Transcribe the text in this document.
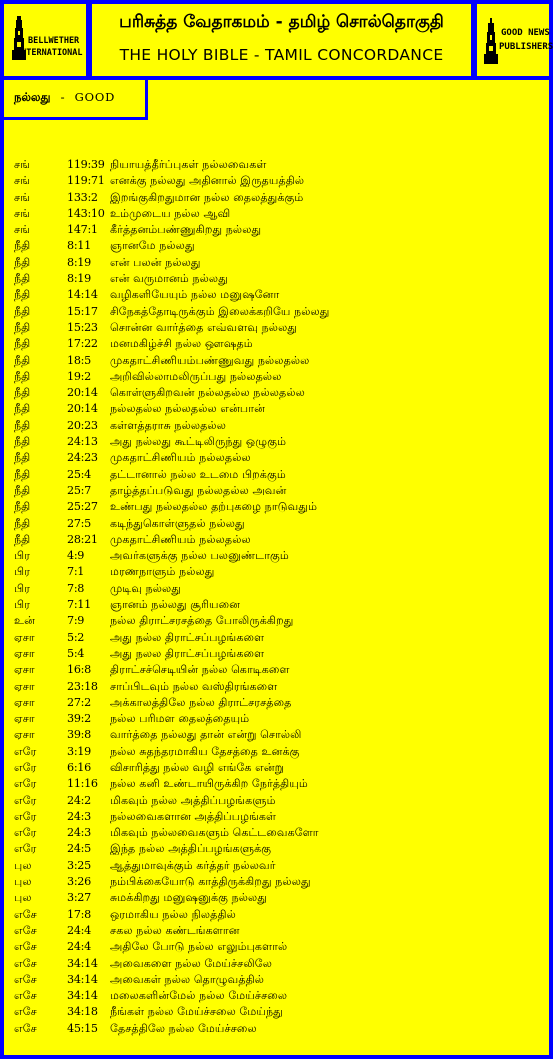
BELLWETHER
INTERNATIONAL
பரிசுத்த வேதாகமம் - தமிழ் சொல்தொகுதி
THE HOLY BIBLE - TAMIL CONCORDANCE
GOOD NEWS
PUBLISHERS
நல்லது - GOOD
சங்	119:39 நியாயத்தீர்ப்புகள் நல்லவைகள்
சங்	119:71 எனக்கு நல்லது அதினால் இருதயத்தில்
சங்	133:2 இறங்குகிறதுமான நல்ல தைலத்துக்கும்
சங்	143:10 உம்முடைய நல்ல ஆவி
சங்	147:1 கீர்த்தனம்பண்ணுகிறது நல்லது
நீதி	8:11 ஞானமே நல்லது
நீதி	8:19 என் பலன் நல்லது
நீதி	8:19 என் வருமானம் நல்லது
நீதி	14:14 வழிகளியேயும் நல்ல மனுஷனோ
நீதி	15:17 சிநேகத்தோடிருக்கும் இலைக்கறியே நல்லது
நீதி	15:23 சொன்ன வார்த்தை எவ்வளவு நல்லது
நீதி	17:22 மனமகிழ்ச்சி நல்ல ஔஷதம்
நீதி	18:5 முகதாட்சிணியம்பண்ணுவது நல்லதல்ல
நீதி	19:2 அறிவில்லாமலிருப்பது நல்லதல்ல
நீதி	20:14 கொள்ளுகிறவன் நல்லதல்ல நல்லதல்ல
நீதி	20:14 நல்லதல்ல நல்லதல்ல என்பான்
நீதி	20:23 கள்ளத்தராசு நல்லதல்ல
நீதி	24:13 அது நல்லது கூட்டிலிருந்து ஒழுகும்
நீதி	24:23 முகதாட்சிணியம் நல்லதல்ல
நீதி	25:4 தட்டானால் நல்ல உடமை பிறக்கும்
நீதி	25:7 தாழ்த்தப்படுவது நல்லதல்ல அவன்
நீதி	25:27 உண்பது நல்லதல்ல தற்புகழை நாடுவதும்
நீதி	27:5 கடிந்துகொள்ளுதல் நல்லது
நீதி	28:21 முகதாட்சிணியம் நல்லதல்ல
பிர	4:9 அவர்களுக்கு நல்ல பலனுண்டாகும்
பிர	7:1 மரணநாளும் நல்லது
பிர	7:8 முடிவு நல்லது
பிர	7:11 ஞானம் நல்லது சூரியனை
உன்	7:9 நல்ல திராட்சரசத்தை போலிருக்கிறது
ஏசா	5:2 அது நல்ல திராட்சப்பழங்களை
ஏசா	5:4 அது நலல திராட்சப்பழங்களை
ஏசா	16:8 திராட்சச்செடியின் நல்ல கொடிகளை
ஏசா	23:18 சாப்பிடவும் நல்ல வஸ்திரங்களை
ஏசா	27:2 அக்காலத்திலே நல்ல திராட்சரசத்தை
ஏசா	39:2 நல்ல பரிமள தைலத்தையும்
ஏசா	39:8 வார்த்தை நல்லது தான் என்று சொல்லி
எரே	3:19 நல்ல சுதந்தரமாகிய தேசத்தை உனக்கு
எரே	6:16 விசாரித்து நல்ல வழி எங்கே என்று
எரே	11:16 நல்ல கனி உண்டாயிருக்கிற நேர்த்தியும்
எரே	24:2 மிகவும் நல்ல அத்திப்பழங்களும்
எரே	24:3 நல்லவைகளான அத்திப்பழங்கள்
எரே	24:3 மிகவும் நல்லவைகளும் கெட்டவைகளோ
எரே	24:5 இந்த நல்ல அத்திப்பழங்களுக்கு
புல	3:25 ஆத்துமாவுக்கும் கர்த்தர் நல்லவர்
புல	3:26 நம்பிக்கையோடு காத்திருக்கிறது நல்லது
புல	3:27 சுமக்கிறது மனுஷனுக்கு நல்லது
எசே	17:8 ஒரமாகிய நல்ல நிலத்தில்
எசே	24:4 சகல நல்ல கண்டங்களான
எசே	24:4 அதிலே போடு நல்ல எலும்புகளால்
எசே	34:14 அவைகளை நல்ல மேய்ச்சலிலே
எசே	34:14 அவைகள் நல்ல தொழுவத்தில்
எசே	34:14 மலைகளின்மேல் நல்ல மேய்ச்சலை
எசே	34:18 நீங்கள் நல்ல மேய்ச்சலை மேய்ந்து
எசே	45:15 தேசத்திலே நல்ல மேய்ச்சலை
